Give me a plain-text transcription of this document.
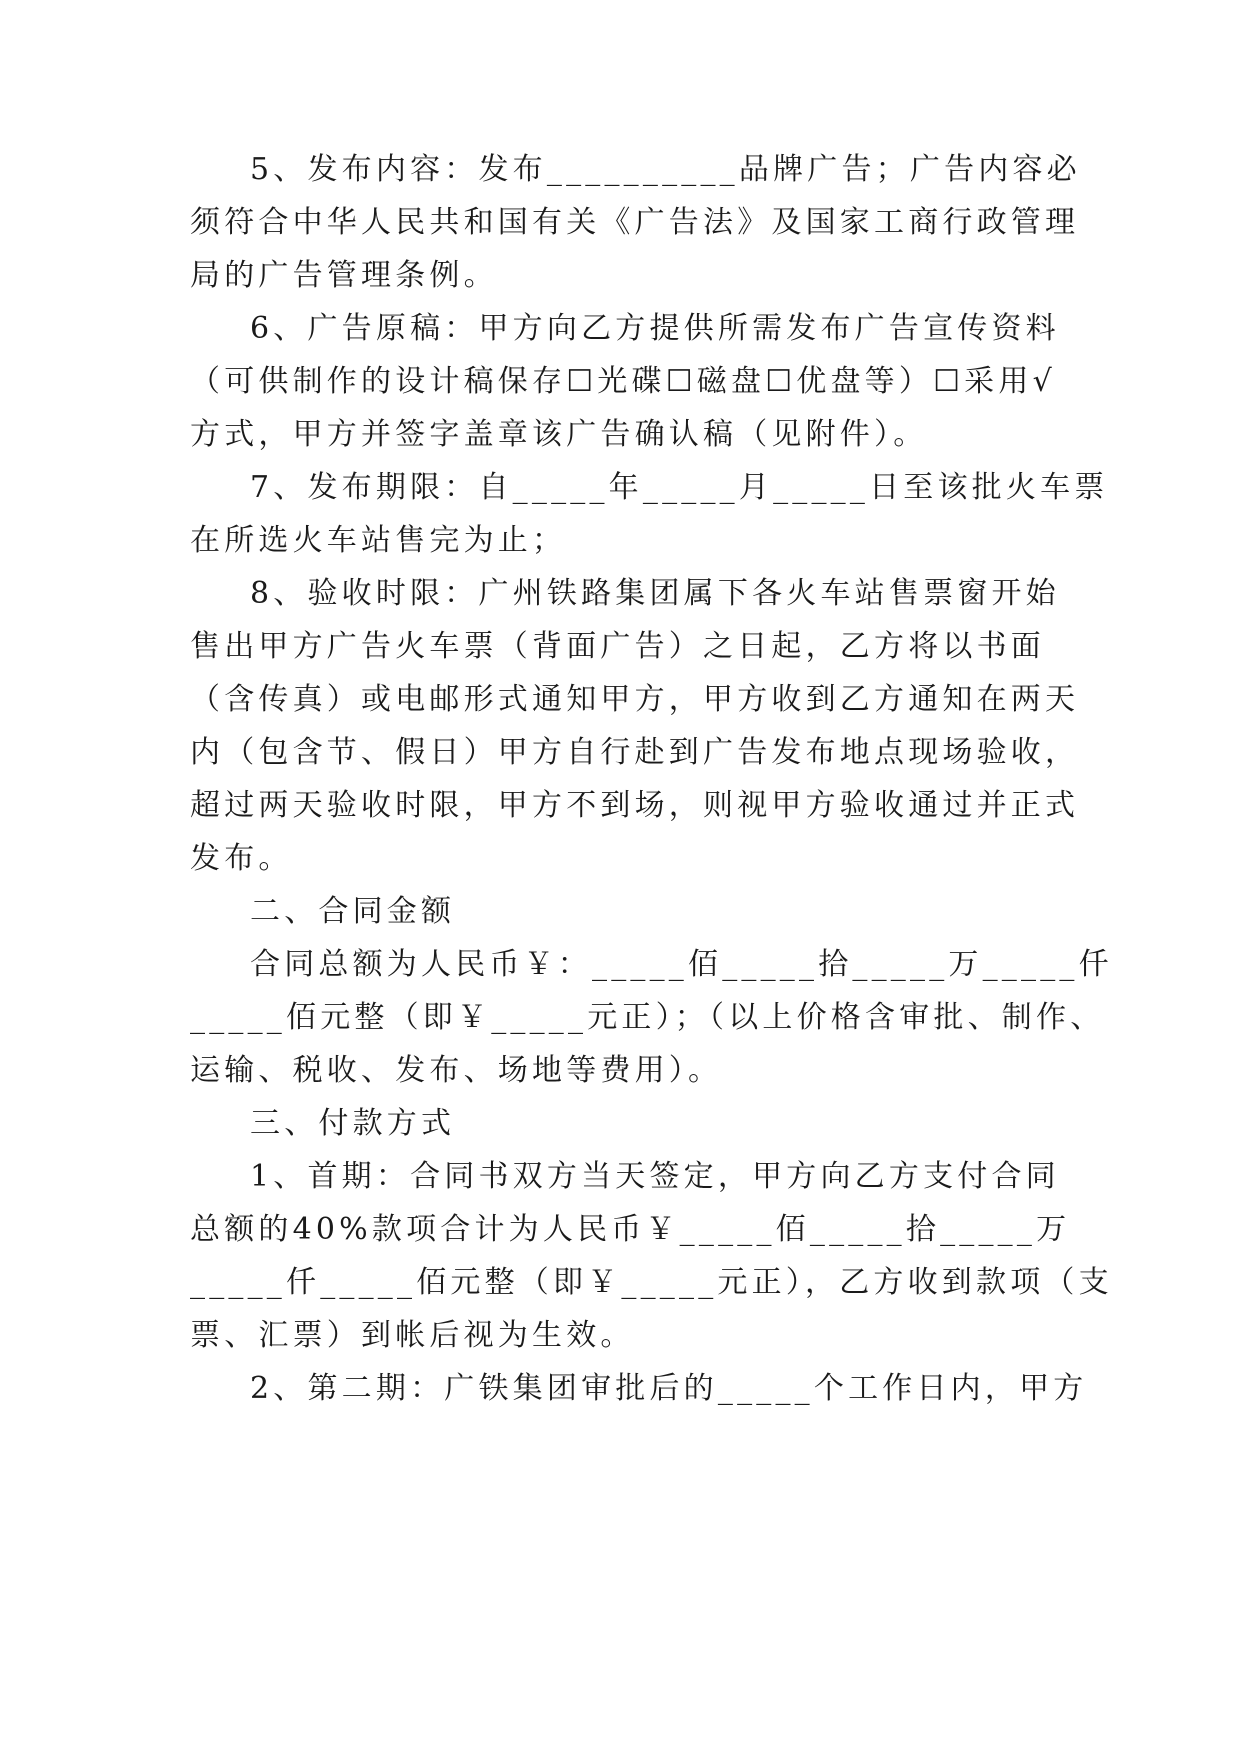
5、发布内容：发布__________品牌广告；广告内容必
须符合中华人民共和国有关《广告法》及国家工商行政管理
局的广告管理条例。
6、广告原稿：甲方向乙方提供所需发布广告宣传资料
（可供制作的设计稿保存☐光碟☐磁盘☐优盘等）☐采用√
方式，甲方并签字盖章该广告确认稿（见附件）。
7、发布期限：自_____年_____月_____日至该批火车票
在所选火车站售完为止；
8、验收时限：广州铁路集团属下各火车站售票窗开始
售出甲方广告火车票（背面广告）之日起，乙方将以书面
（含传真）或电邮形式通知甲方，甲方收到乙方通知在两天
内（包含节、假日）甲方自行赴到广告发布地点现场验收，
超过两天验收时限，甲方不到场，则视甲方验收通过并正式
发布。
二、合同金额
合同总额为人民币￥：_____佰_____拾_____万_____仟
_____佰元整（即￥_____元正）；（以上价格含审批、制作、
运输、税收、发布、场地等费用）。
三、付款方式
1、首期：合同书双方当天签定，甲方向乙方支付合同
总额的40%款项合计为人民币￥_____佰_____拾_____万
_____仟_____佰元整（即￥_____元正），乙方收到款项（支
票、汇票）到帐后视为生效。
2、第二期：广铁集团审批后的_____个工作日内，甲方
